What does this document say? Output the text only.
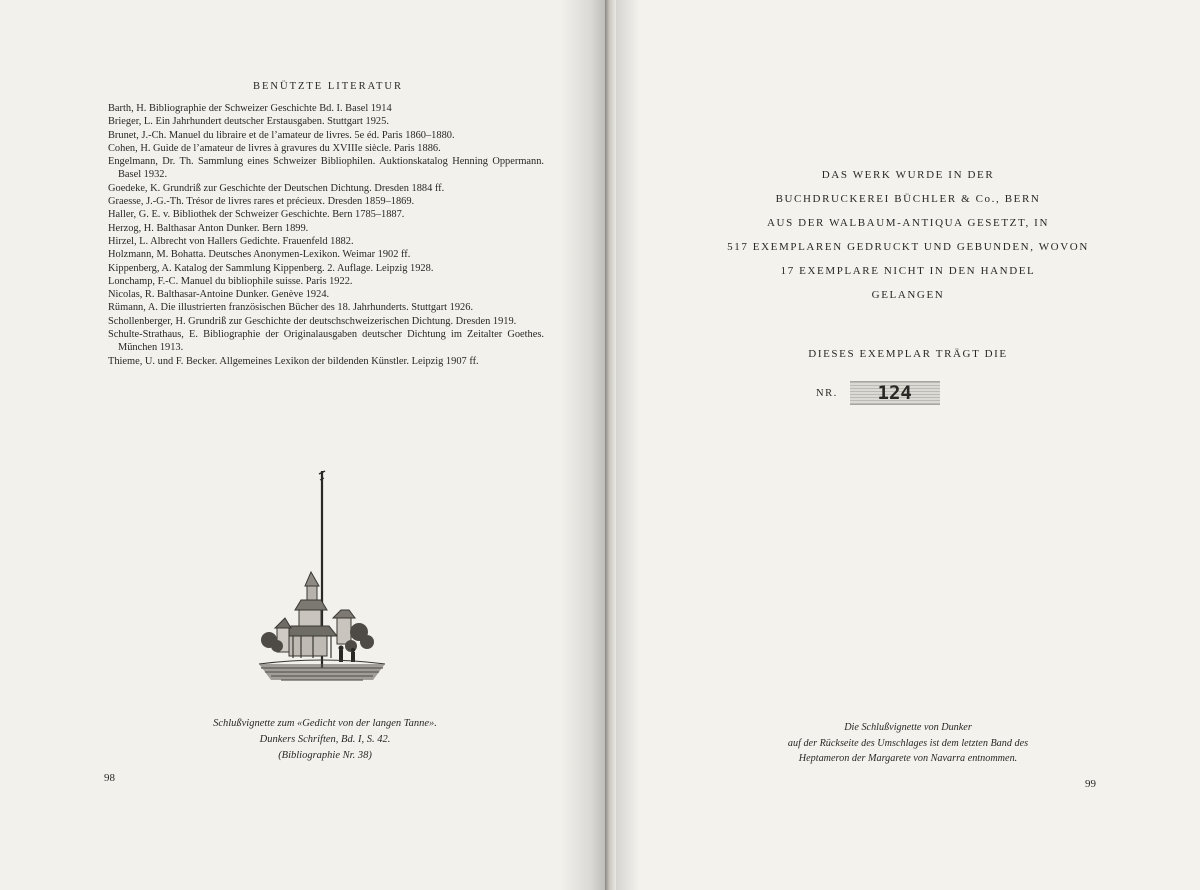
BENÜTZTE LITERATUR
Barth, H. Bibliographie der Schweizer Geschichte Bd. I. Basel 1914
Brieger, L. Ein Jahrhundert deutscher Erstausgaben. Stuttgart 1925.
Brunet, J.-Ch. Manuel du libraire et de l’amateur de livres. 5e éd. Paris 1860–1880.
Cohen, H. Guide de l’amateur de livres à gravures du XVIIIe siècle. Paris 1886.
Engelmann, Dr. Th. Sammlung eines Schweizer Bibliophilen. Auktionskatalog Henning Oppermann. Basel 1932.
Goedeke, K. Grundriß zur Geschichte der Deutschen Dichtung. Dresden 1884 ff.
Graesse, J.-G.-Th. Trésor de livres rares et précieux. Dresden 1859–1869.
Haller, G. E. v. Bibliothek der Schweizer Geschichte. Bern 1785–1887.
Herzog, H. Balthasar Anton Dunker. Bern 1899.
Hirzel, L. Albrecht von Hallers Gedichte. Frauenfeld 1882.
Holzmann, M. Bohatta. Deutsches Anonymen-Lexikon. Weimar 1902 ff.
Kippenberg, A. Katalog der Sammlung Kippenberg. 2. Auflage. Leipzig 1928.
Lonchamp, F.-C. Manuel du bibliophile suisse. Paris 1922.
Nicolas, R. Balthasar-Antoine Dunker. Genève 1924.
Rümann, A. Die illustrierten französischen Bücher des 18. Jahrhunderts. Stuttgart 1926.
Schollenberger, H. Grundriß zur Geschichte der deutschschweizerischen Dichtung. Dresden 1919.
Schulte-Strathaus, E. Bibliographie der Originalausgaben deutscher Dichtung im Zeitalter Goethes. München 1913.
Thieme, U. und F. Becker. Allgemeines Lexikon der bildenden Künstler. Leipzig 1907 ff.
Schlußvignette zum «Gedicht von der langen Tanne».
Dunkers Schriften, Bd. I, S. 42.
(Bibliographie Nr. 38)
98
DAS WERK WURDE IN DER
BUCHDRUCKEREI BÜCHLER & Co., BERN
AUS DER WALBAUM-ANTIQUA GESETZT, IN
517 EXEMPLAREN GEDRUCKT UND GEBUNDEN, WOVON
17 EXEMPLARE NICHT IN DEN HANDEL
GELANGEN
DIESES EXEMPLAR TRÄGT DIE
NR. 124
Die Schlußvignette von Dunker
auf der Rückseite des Umschlages ist dem letzten Band des
Heptameron der Margarete von Navarra entnommen.
99
